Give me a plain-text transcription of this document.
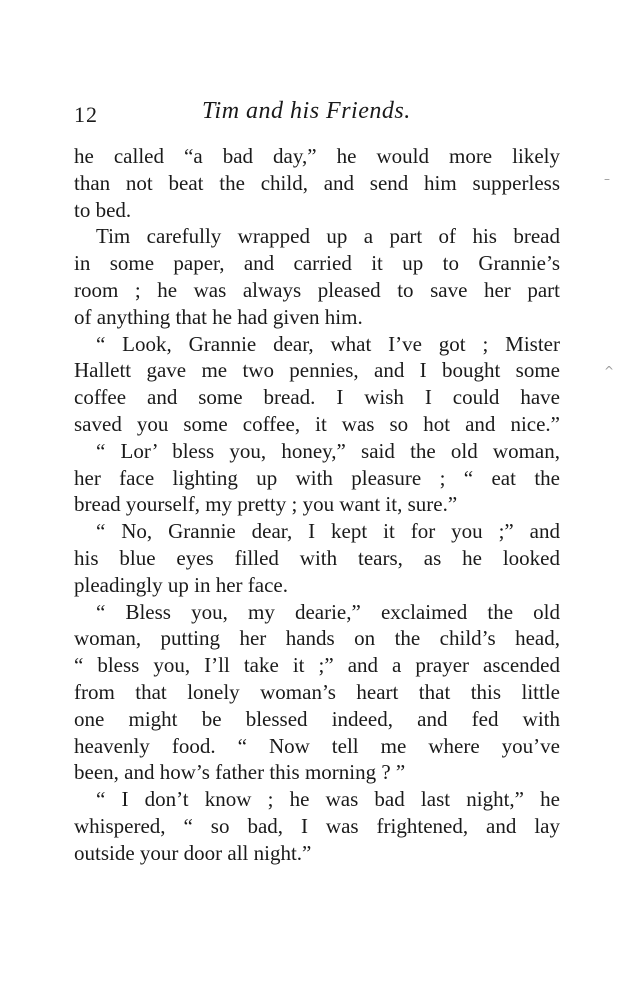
12	Tim and his Friends.
he called “a bad day,” he would more likely
than not beat the child, and send him supperless
to bed.
Tim carefully wrapped up a part of his bread
in some paper, and carried it up to Grannie’s
room ; he was always pleased to save her part
of anything that he had given him.
“ Look, Grannie dear, what I’ve got ; Mister
Hallett gave me two pennies, and I bought some
coffee and some bread. I wish I could have
saved you some coffee, it was so hot and nice.”
“ Lor’ bless you, honey,” said the old woman,
her face lighting up with pleasure ; “ eat the
bread yourself, my pretty ; you want it, sure.”
“ No, Grannie dear, I kept it for you ;” and
his blue eyes filled with tears, as he looked
pleadingly up in her face.
“ Bless you, my dearie,” exclaimed the old
woman, putting her hands on the child’s head,
“ bless you, I’ll take it ;” and a prayer ascended
from that lonely woman’s heart that this little
one might be blessed indeed, and fed with
heavenly food. “ Now tell me where you’ve
been, and how’s father this morning ? ”
“ I don’t know ; he was bad last night,” he
whispered, “ so bad, I was frightened, and lay
outside your door all night.”
–
^
